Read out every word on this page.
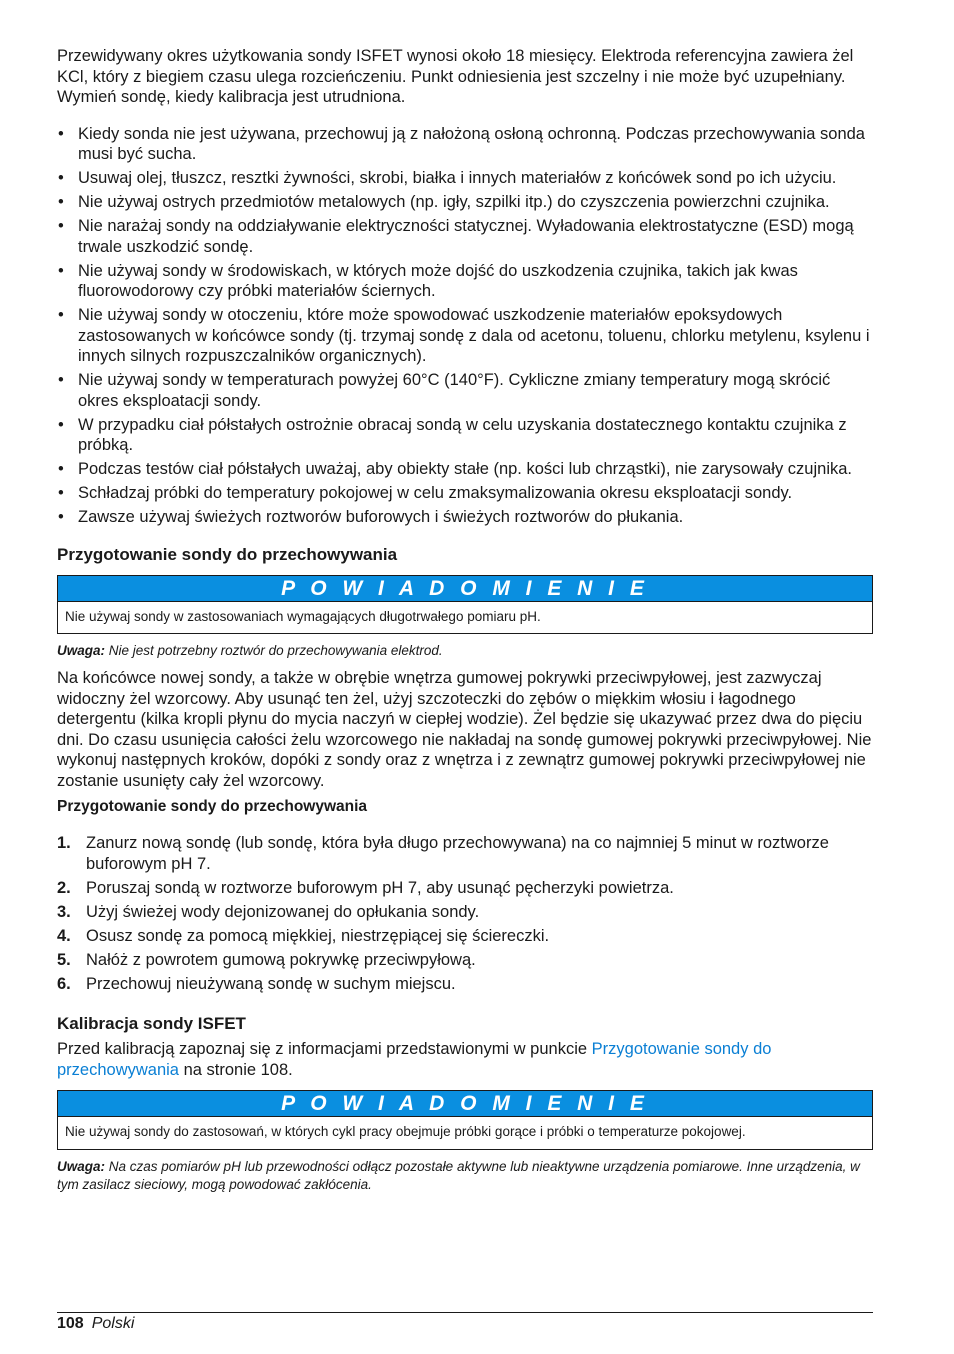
Przewidywany okres użytkowania sondy ISFET wynosi około 18 miesięcy. Elektroda referencyjna zawiera żel KCl, który z biegiem czasu ulega rozcieńczeniu. Punkt odniesienia jest szczelny i nie może być uzupełniany. Wymień sondę, kiedy kalibracja jest utrudniona.

• Kiedy sonda nie jest używana, przechowuj ją z nałożoną osłoną ochronną. Podczas przechowywania sonda musi być sucha.
• Usuwaj olej, tłuszcz, resztki żywności, skrobi, białka i innych materiałów z końcówek sond po ich użyciu.
• Nie używaj ostrych przedmiotów metalowych (np. igły, szpilki itp.) do czyszczenia powierzchni czujnika.
• Nie narażaj sondy na oddziaływanie elektryczności statycznej. Wyładowania elektrostatyczne (ESD) mogą trwale uszkodzić sondę.
• Nie używaj sondy w środowiskach, w których może dojść do uszkodzenia czujnika, takich jak kwas fluorowodorowy czy próbki materiałów ściernych.
• Nie używaj sondy w otoczeniu, które może spowodować uszkodzenie materiałów epoksydowych zastosowanych w końcówce sondy (tj. trzymaj sondę z dala od acetonu, toluenu, chlorku metylenu, ksylenu i innych silnych rozpuszczalników organicznych).
• Nie używaj sondy w temperaturach powyżej 60°C (140°F). Cykliczne zmiany temperatury mogą skrócić okres eksploatacji sondy.
• W przypadku ciał półstałych ostrożnie obracaj sondą w celu uzyskania dostatecznego kontaktu czujnika z próbką.
• Podczas testów ciał półstałych uważaj, aby obiekty stałe (np. kości lub chrząstki), nie zarysowały czujnika.
• Schładzaj próbki do temperatury pokojowej w celu zmaksymalizowania okresu eksploatacji sondy.
• Zawsze używaj świeżych roztworów buforowych i świeżych roztworów do płukania.
Przygotowanie sondy do przechowywania
P O W I A D O M I E N I E
Nie używaj sondy w zastosowaniach wymagających długotrwałego pomiaru pH.

Uwaga: Nie jest potrzebny roztwór do przechowywania elektrod.

Na końcówce nowej sondy, a także w obrębie wnętrza gumowej pokrywki przeciwpyłowej, jest zazwyczaj widoczny żel wzorcowy. Aby usunąć ten żel, użyj szczoteczki do zębów o miękkim włosiu i łagodnego detergentu (kilka kropli płynu do mycia naczyń w ciepłej wodzie). Żel będzie się ukazywać przez dwa do pięciu dni. Do czasu usunięcia całości żelu wzorcowego nie nakładaj na sondę gumowej pokrywki przeciwpyłowej. Nie wykonuj następnych kroków, dopóki z sondy oraz z wnętrza i z zewnątrz gumowej pokrywki przeciwpyłowej nie zostanie usunięty cały żel wzorcowy.

Przygotowanie sondy do przechowywania
1. Zanurz nową sondę (lub sondę, która była długo przechowywana) na co najmniej 5 minut w roztworze buforowym pH 7.
2. Poruszaj sondą w roztworze buforowym pH 7, aby usunąć pęcherzyki powietrza.
3. Użyj świeżej wody dejonizowanej do opłukania sondy.
4. Osusz sondę za pomocą miękkiej, niestrzępiącej się ściereczki.
5. Nałóż z powrotem gumową pokrywkę przeciwpyłową.
6. Przechowuj nieużywaną sondę w suchym miejscu.
Kalibracja sondy ISFET

Przed kalibracją zapoznaj się z informacjami przedstawionymi w punkcie Przygotowanie sondy do przechowywania na stronie 108.

P O W I A D O M I E N I E
Nie używaj sondy do zastosowań, w których cykl pracy obejmuje próbki gorące i próbki o temperaturze pokojowej.

Uwaga: Na czas pomiarów pH lub przewodności odłącz pozostałe aktywne lub nieaktywne urządzenia pomiarowe. Inne urządzenia, w tym zasilacz sieciowy, mogą powodować zakłócenia.

108 Polski
